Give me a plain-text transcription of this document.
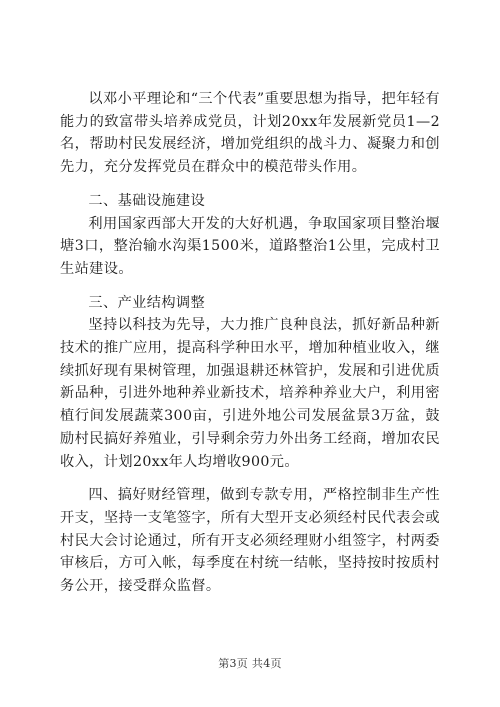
以邓小平理论和“三个代表”重要思想为指导，把年轻有能力的致富带头培养成党员，计划20xx年发展新党员1—2名，帮助村民发展经济，增加党组织的战斗力、凝聚力和创先力，充分发挥党员在群众中的模范带头作用。

二、基础设施建设

利用国家西部大开发的大好机遇，争取国家项目整治堰塘3口，整治输水沟渠1500米，道路整治1公里，完成村卫生站建设。

三、产业结构调整

坚持以科技为先导，大力推广良种良法，抓好新品种新技术的推广应用，提高科学种田水平，增加种植业收入，继续抓好现有果树管理，加强退耕还林管护，发展和引进优质新品种，引进外地种养业新技术，培养种养业大户，利用密植行间发展蔬菜300亩，引进外地公司发展盆景3万盆，鼓励村民搞好养殖业，引导剩余劳力外出务工经商，增加农民收入，计划20xx年人均增收900元。

四、搞好财经管理，做到专款专用，严格控制非生产性开支，坚持一支笔签字，所有大型开支必须经村民代表会或村民大会讨论通过，所有开支必须经理财小组签字，村两委审核后，方可入帐，每季度在村统一结帐，坚持按时按质村务公开，接受群众监督。

第3页 共4页
